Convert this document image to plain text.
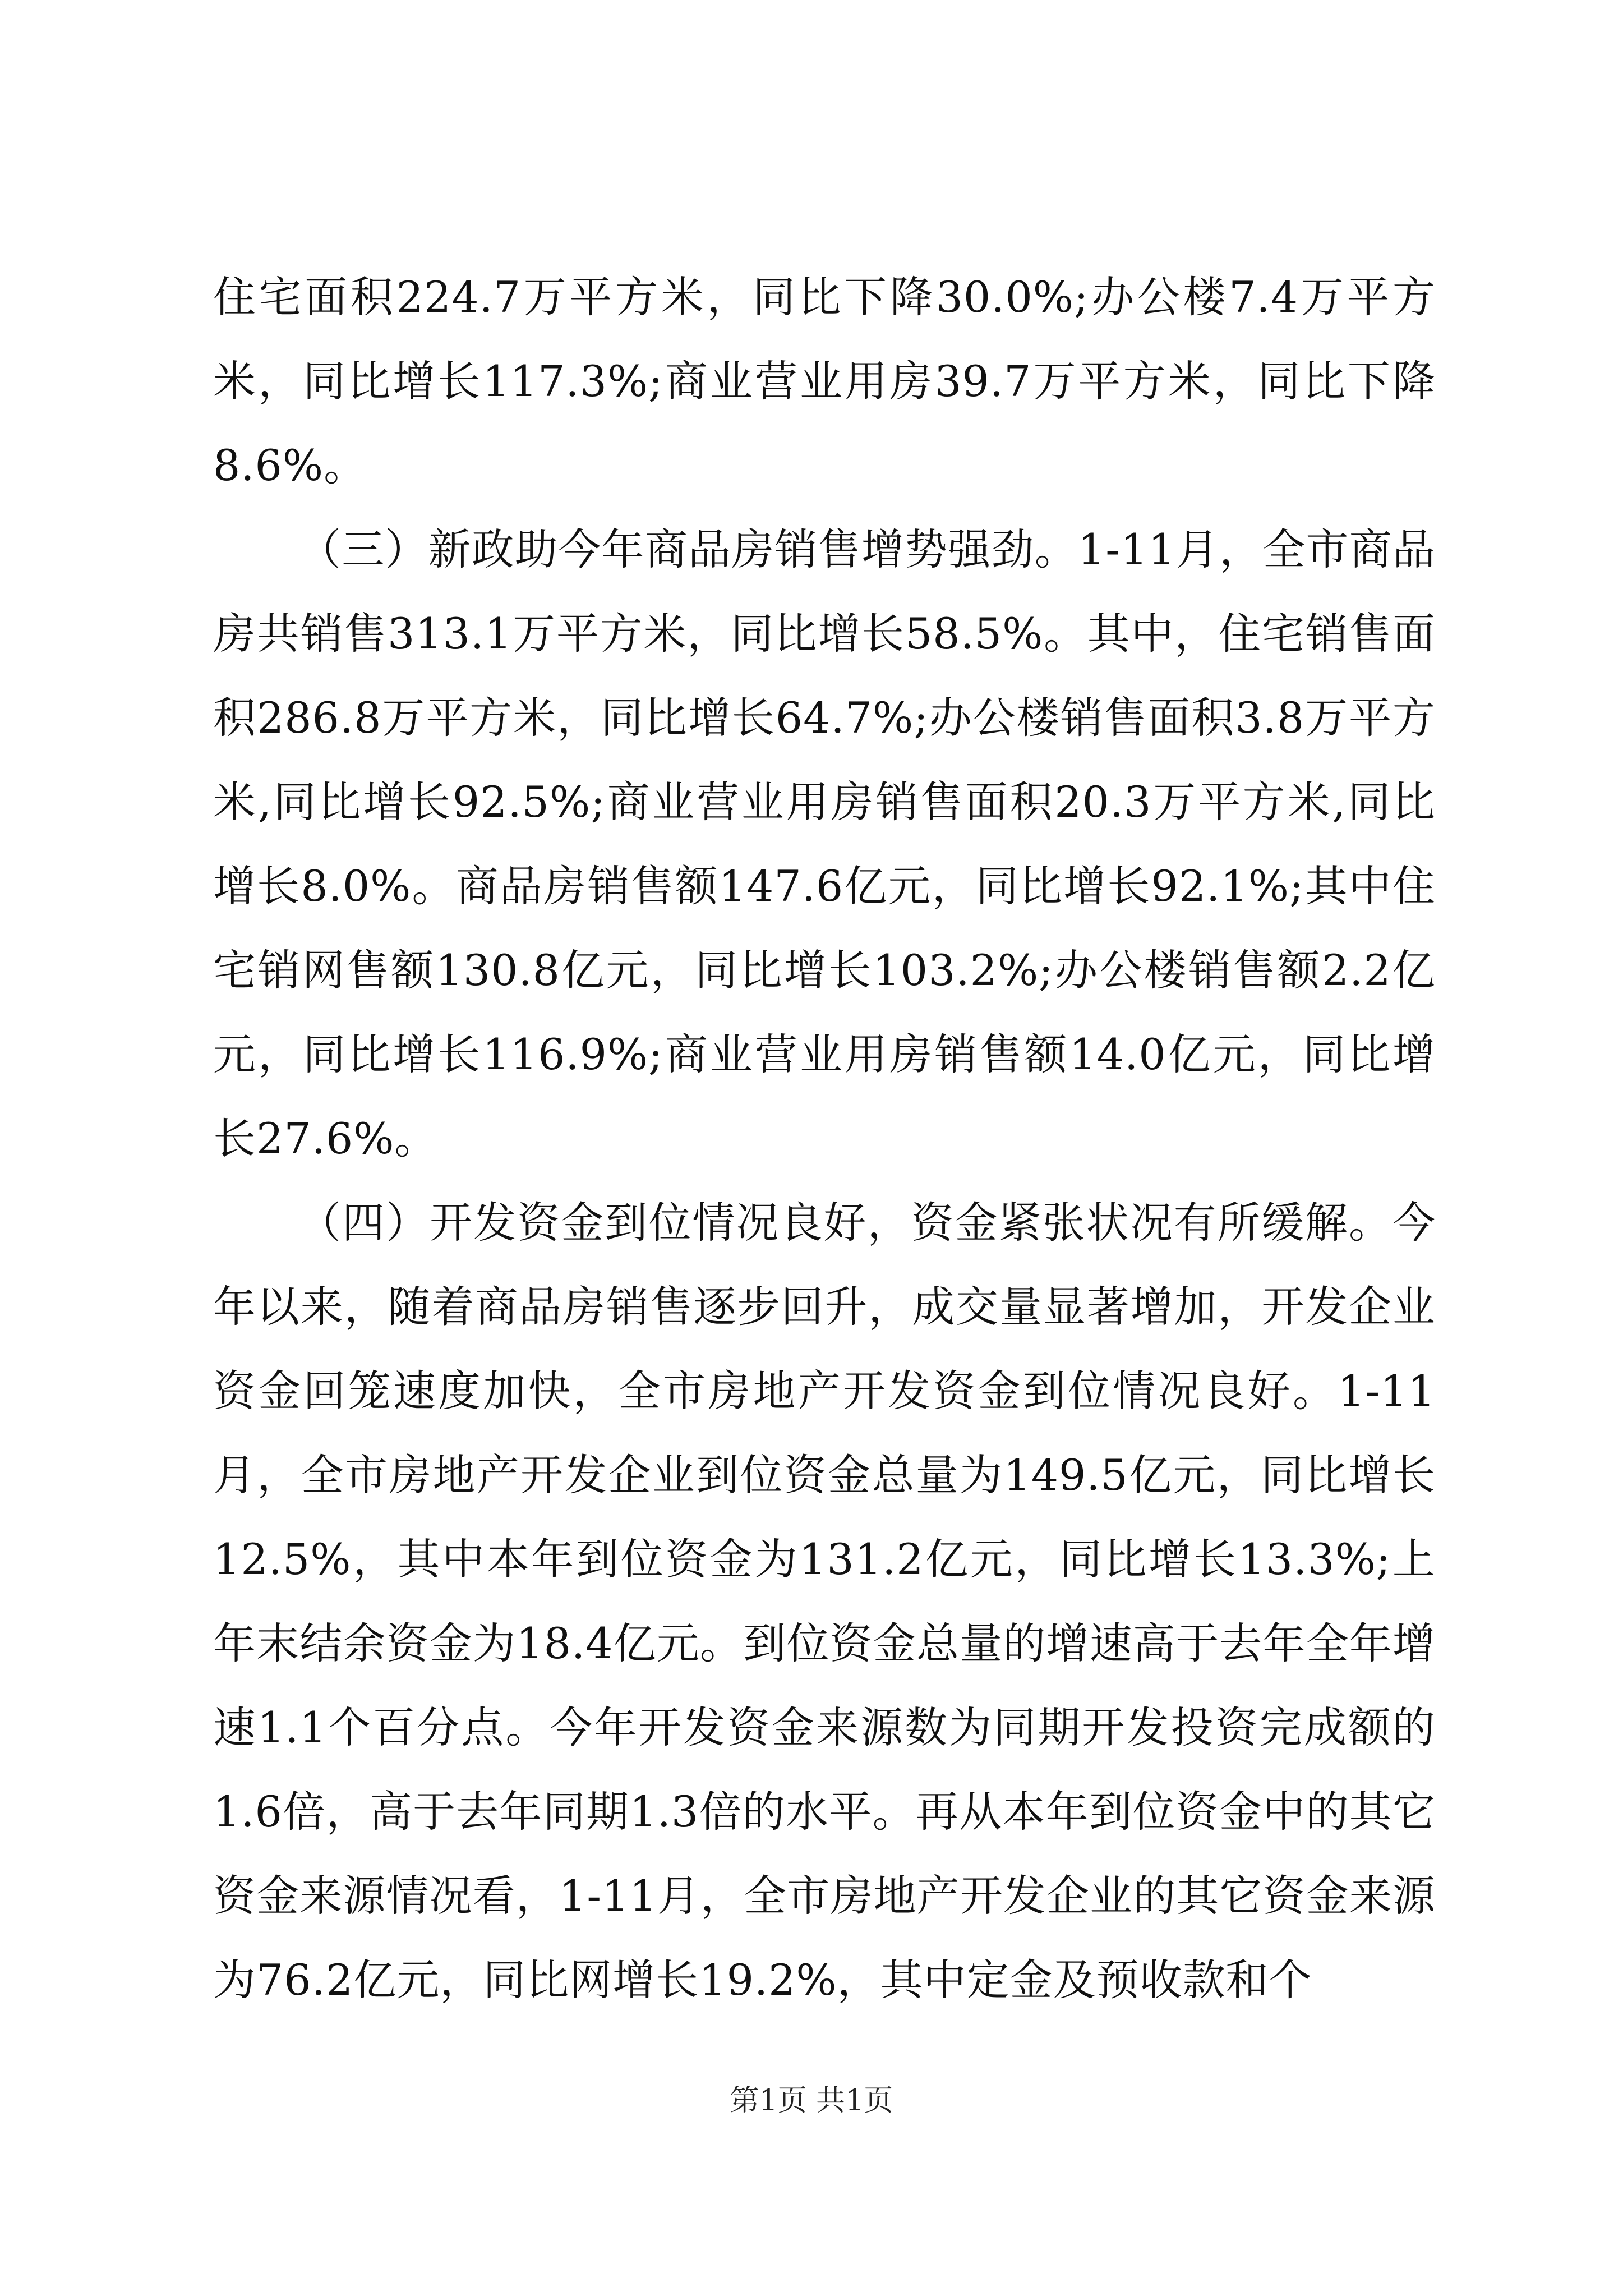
住宅面积224.7万平方米，同比下降30.0%;办公楼7.4万平方米，同比增长117.3%;商业营业用房39.7万平方米，同比下降8.6%。

（三）新政助今年商品房销售增势强劲。1-11月，全市商品房共销售313.1万平方米，同比增长58.5%。其中，住宅销售面积286.8万平方米，同比增长64.7%;办公楼销售面积3.8万平方米,同比增长92.5%;商业营业用房销售面积20.3万平方米,同比增长8.0%。商品房销售额147.6亿元，同比增长92.1%;其中住宅销网售额130.8亿元，同比增长103.2%;办公楼销售额2.2亿元，同比增长116.9%;商业营业用房销售额14.0亿元，同比增长27.6%。

（四）开发资金到位情况良好，资金紧张状况有所缓解。今年以来，随着商品房销售逐步回升，成交量显著增加，开发企业资金回笼速度加快，全市房地产开发资金到位情况良好。1-11月，全市房地产开发企业到位资金总量为149.5亿元，同比增长12.5%，其中本年到位资金为131.2亿元，同比增长13.3%;上年末结余资金为18.4亿元。到位资金总量的增速高于去年全年增速1.1个百分点。今年开发资金来源数为同期开发投资完成额的1.6倍，高于去年同期1.3倍的水平。再从本年到位资金中的其它资金来源情况看，1-11月，全市房地产开发企业的其它资金来源为76.2亿元，同比网增长19.2%，其中定金及预收款和个

第1页 共1页
